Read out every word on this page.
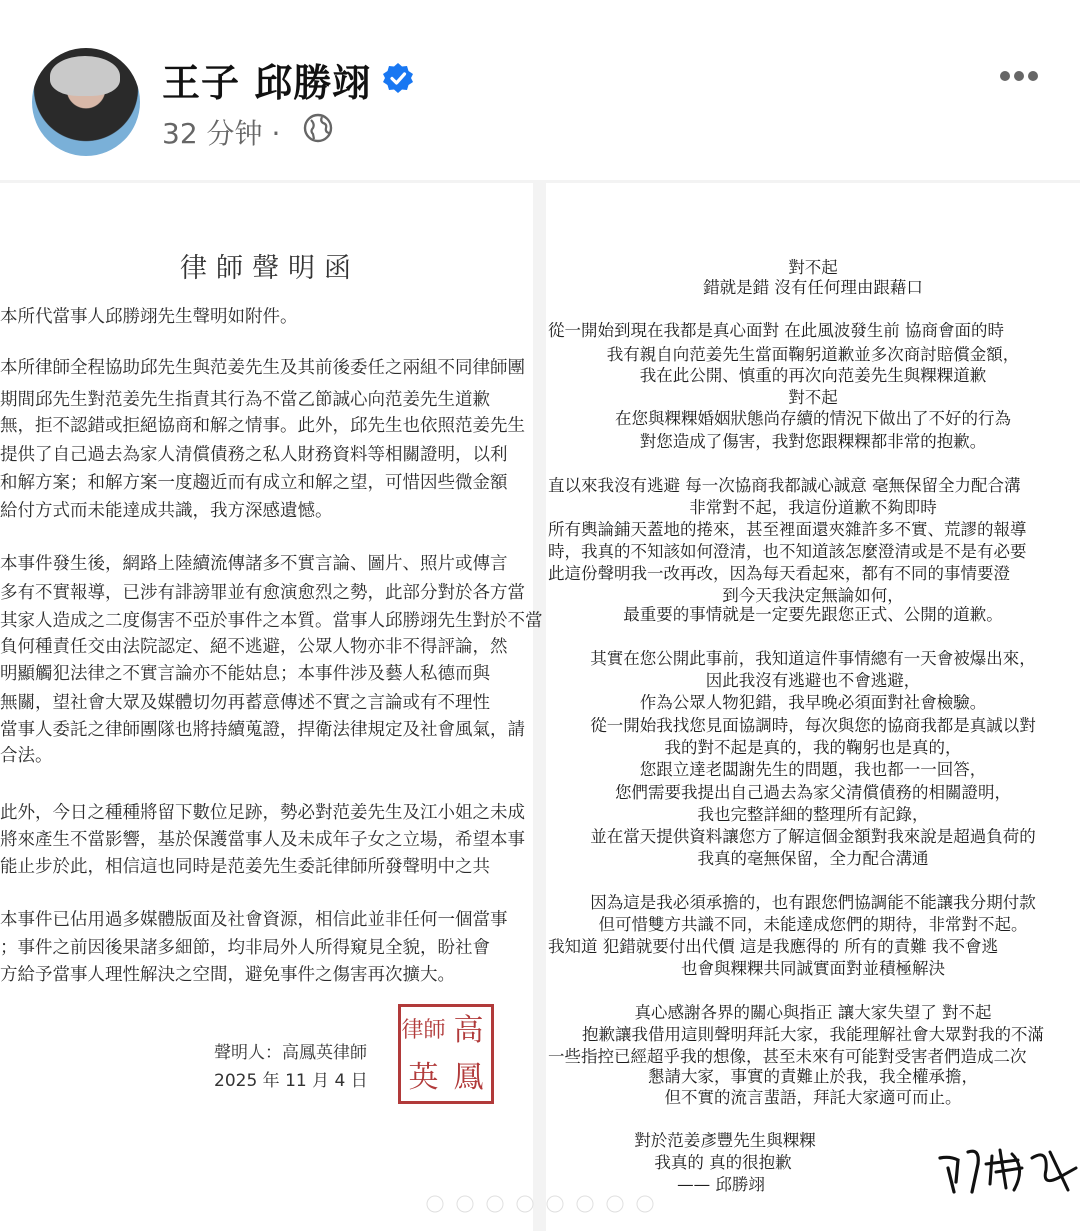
王子 邱勝翊
32 分钟 ·
律師聲明函
本所代當事人邱勝翊先生聲明如附件。
本所律師全程協助邱先生與范姜先生及其前後委任之兩組不同律師團
期間邱先生對范姜先生指責其行為不當乙節誠心向范姜先生道歉
無，拒不認錯或拒絕協商和解之情事。此外，邱先生也依照范姜先生
提供了自己過去為家人清償債務之私人財務資料等相關證明，以利
和解方案；和解方案一度趨近而有成立和解之望，可惜因些微金額
給付方式而未能達成共識，我方深感遺憾。
本事件發生後，網路上陸續流傳諸多不實言論、圖片、照片或傳言
多有不實報導，已涉有誹謗罪並有愈演愈烈之勢，此部分對於各方當
其家人造成之二度傷害不亞於事件之本質。當事人邱勝翊先生對於不當
負何種責任交由法院認定、絕不逃避，公眾人物亦非不得評論，然
明顯觸犯法律之不實言論亦不能姑息；本事件涉及藝人私德而與
無關，望社會大眾及媒體切勿再蓄意傳述不實之言論或有不理性
當事人委託之律師團隊也將持續蒐證，捍衛法律規定及社會風氣，請
合法。
此外，今日之種種將留下數位足跡，勢必對范姜先生及江小姐之未成
將來產生不當影響，基於保護當事人及未成年子女之立場，希望本事
能止步於此，相信這也同時是范姜先生委託律師所發聲明中之共
本事件已佔用過多媒體版面及社會資源，相信此並非任何一個當事
；事件之前因後果諸多細節，均非局外人所得窺見全貌，盼社會
方給予當事人理性解決之空間，避免事件之傷害再次擴大。
聲明人：高鳳英律師
2025 年 11 月 4 日
律師 高
英 鳳
對不起
錯就是錯 沒有任何理由跟藉口
從一開始到現在我都是真心面對 在此風波發生前 協商會面的時
我有親自向范姜先生當面鞠躬道歉並多次商討賠償金額，
我在此公開、慎重的再次向范姜先生與粿粿道歉
對不起
在您與粿粿婚姻狀態尚存續的情況下做出了不好的行為
對您造成了傷害，我對您跟粿粿都非常的抱歉。
直以來我沒有逃避 每一次協商我都誠心誠意 毫無保留全力配合溝
非常對不起，我這份道歉不夠即時
所有輿論鋪天蓋地的捲來，甚至裡面還夾雜許多不實、荒謬的報導
時，我真的不知該如何澄清，也不知道該怎麼澄清或是不是有必要
此這份聲明我一改再改，因為每天看起來，都有不同的事情要澄
到今天我決定無論如何，
最重要的事情就是一定要先跟您正式、公開的道歉。
其實在您公開此事前，我知道這件事情總有一天會被爆出來，
因此我沒有逃避也不會逃避，
作為公眾人物犯錯，我早晚必須面對社會檢驗。
從一開始我找您見面協調時，每次與您的協商我都是真誠以對
我的對不起是真的，我的鞠躬也是真的，
您跟立達老闆謝先生的問題，我也都一一回答，
您們需要我提出自己過去為家父清償債務的相關證明，
我也完整詳細的整理所有記錄，
並在當天提供資料讓您方了解這個金額對我來說是超過負荷的
我真的毫無保留，全力配合溝通
因為這是我必須承擔的，也有跟您們協調能不能讓我分期付款
但可惜雙方共識不同，未能達成您們的期待，非常對不起。
我知道 犯錯就要付出代價 這是我應得的 所有的責難 我不會逃
也會與粿粿共同誠實面對並積極解決
真心感謝各界的關心與指正 讓大家失望了 對不起
抱歉讓我借用這則聲明拜託大家，我能理解社會大眾對我的不滿
一些指控已經超乎我的想像，甚至未來有可能對受害者們造成二次
懇請大家，事實的責難止於我，我全權承擔，
但不實的流言蜚語，拜託大家適可而止。
對於范姜彥豐先生與粿粿
我真的 真的很抱歉
—— 邱勝翊
